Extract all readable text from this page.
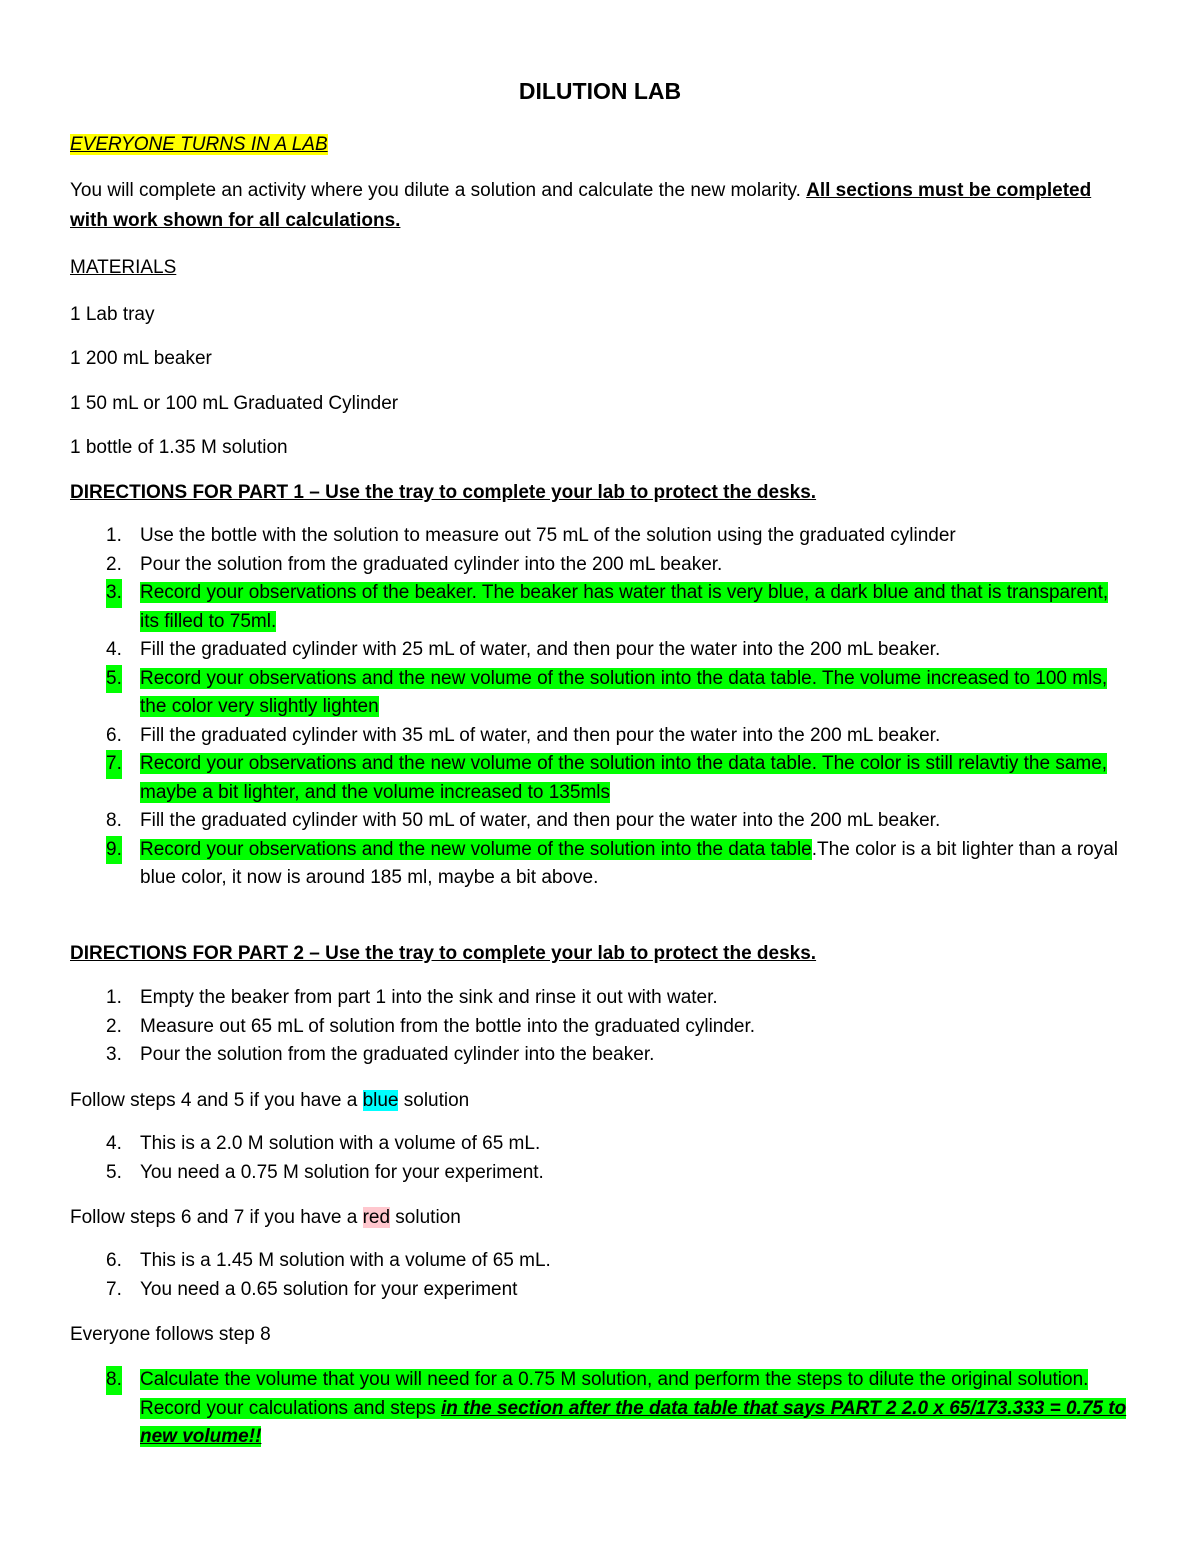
DILUTION LAB
EVERYONE TURNS IN A LAB
You will complete an activity where you dilute a solution and calculate the new molarity. All sections must be completed with work shown for all calculations.
MATERIALS
1 Lab tray
1 200 mL beaker
1 50 mL or 100 mL Graduated Cylinder
1 bottle of 1.35 M solution
DIRECTIONS FOR PART 1 – Use the tray to complete your lab to protect the desks.
1. Use the bottle with the solution to measure out 75 mL of the solution using the graduated cylinder
2. Pour the solution from the graduated cylinder into the 200 mL beaker.
3. Record your observations of the beaker. The beaker has water that is very blue, a dark blue and that is transparent, its filled to 75ml.
4. Fill the graduated cylinder with 25 mL of water, and then pour the water into the 200 mL beaker.
5. Record your observations and the new volume of the solution into the data table. The volume increased to 100 mls, the color very slightly lighten
6. Fill the graduated cylinder with 35 mL of water, and then pour the water into the 200 mL beaker.
7. Record your observations and the new volume of the solution into the data table. The color is still relavtiy the same, maybe a bit lighter, and the volume increased to 135mls
8. Fill the graduated cylinder with 50 mL of water, and then pour the water into the 200 mL beaker.
9. Record your observations and the new volume of the solution into the data table.The color is a bit lighter than a royal blue color, it now is around 185 ml, maybe a bit above.
DIRECTIONS FOR PART 2 – Use the tray to complete your lab to protect the desks.
1. Empty the beaker from part 1 into the sink and rinse it out with water.
2. Measure out 65 mL of solution from the bottle into the graduated cylinder.
3. Pour the solution from the graduated cylinder into the beaker.
Follow steps 4 and 5 if you have a blue solution
4. This is a 2.0 M solution with a volume of 65 mL.
5. You need a 0.75 M solution for your experiment.
Follow steps 6 and 7 if you have a red solution
6. This is a 1.45 M solution with a volume of 65 mL.
7. You need a 0.65 solution for your experiment
Everyone follows step 8
8. Calculate the volume that you will need for a 0.75 M solution, and perform the steps to dilute the original solution. Record your calculations and steps in the section after the data table that says PART 2 2.0 x 65/173.333 = 0.75 to new volume!!
